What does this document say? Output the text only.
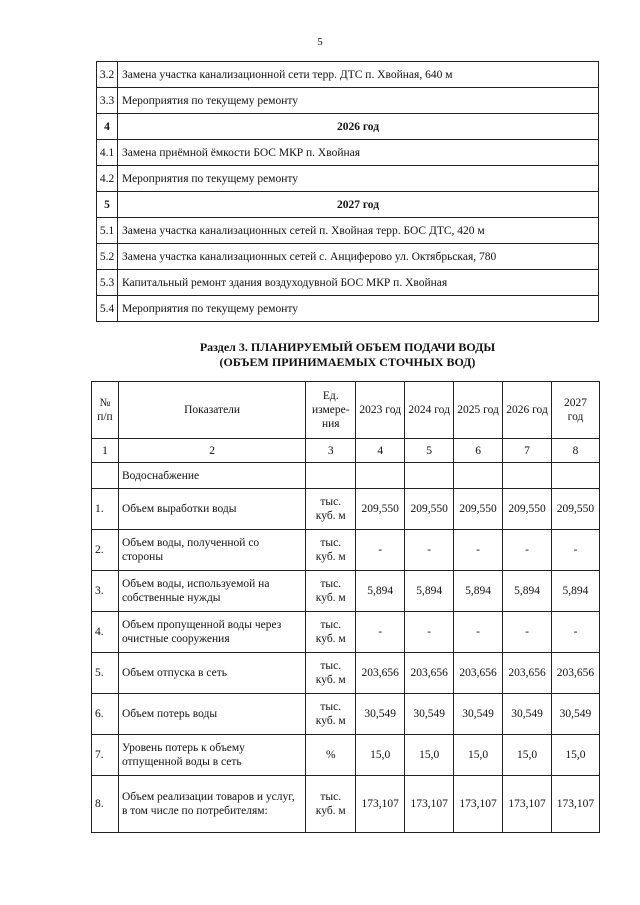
5
3.2	Замена участка канализационной сети терр. ДТС п. Хвойная, 640 м
3.3	Мероприятия по текущему ремонту
4	2026 год
4.1	Замена приёмной ёмкости БОС МКР п. Хвойная
4.2	Мероприятия по текущему ремонту
5	2027 год
5.1	Замена участка канализационных сетей п. Хвойная терр. БОС ДТС, 420 м
5.2	Замена участка канализационных сетей с. Анциферово ул. Октябрьская, 780
5.3	Капитальный ремонт здания воздуходувной БОС МКР п. Хвойная
5.4	Мероприятия по текущему ремонту
Раздел 3. ПЛАНИРУЕМЫЙ ОБЪЕМ ПОДАЧИ ВОДЫ
(ОБЪЕМ ПРИНИМАЕМЫХ СТОЧНЫХ ВОД)
№ п/п	Показатели	Ед. измере-ния	2023 год	2024 год	2025 год	2026 год	2027 год
1	2	3	4	5	6	7	8
	Водоснабжение						
1.	Объем выработки воды	тыс. куб. м	209,550	209,550	209,550	209,550	209,550
2.	Объем воды, полученной со стороны	тыс. куб. м	-	-	-	-	-
3.	Объем воды, используемой на собственные нужды	тыс. куб. м	5,894	5,894	5,894	5,894	5,894
4.	Объем пропущенной воды через очистные сооружения	тыс. куб. м	-	-	-	-	-
5.	Объем отпуска в сеть	тыс. куб. м	203,656	203,656	203,656	203,656	203,656
6.	Объем потерь воды	тыс. куб. м	30,549	30,549	30,549	30,549	30,549
7.	Уровень потерь к объему отпущенной воды в сеть	%	15,0	15,0	15,0	15,0	15,0
8.	Объем реализации товаров и услуг, в том числе по потребителям:	тыс. куб. м	173,107	173,107	173,107	173,107	173,107
